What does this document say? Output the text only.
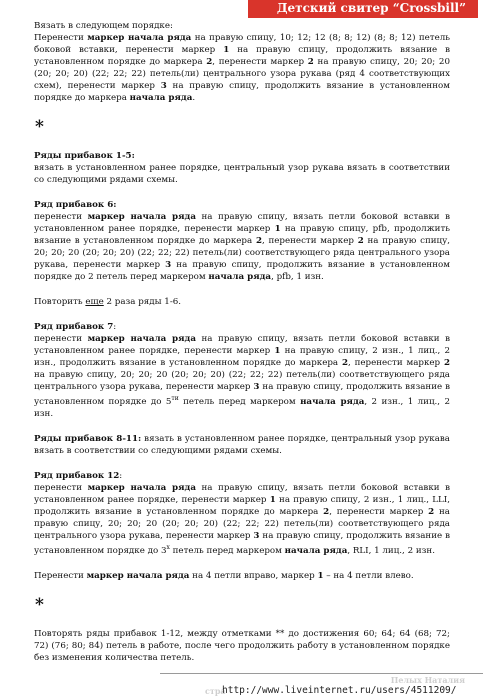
Детский свитер “Crossbill”

Вязать в следующем порядке:

Перенести маркер начала ряда на правую спицу, 10; 12; 12 (8; 8; 12) (8; 8; 12) петель боковой вставки, перенести маркер 1 на правую спицу, продолжить вязание в установленном порядке до маркера 2, перенести маркер 2 на правую спицу, 20; 20; 20 (20; 20; 20) (22; 22; 22) петель(ли) центрального узора рукава (ряд 4 соответствующих схем), перенести маркер 3 на правую спицу, продолжить вязание в установленном порядке до маркера начала ряда.

*

Ряды прибавок 1-5:
вязать в установленном ранее порядке, центральный узор рукава вязать в соответствии со следующими рядами схемы.

Ряд прибавок 6:
перенести маркер начала ряда на правую спицу, вязать петли боковой вставки в установленном ранее порядке, перенести маркер 1 на правую спицу, pfb, продолжить вязание в установленном порядке до маркера 2, перенести маркер 2 на правую спицу, 20; 20; 20 (20; 20; 20) (22; 22; 22) петель(ли) соответствующего ряда центрального узора рукава, перенести маркер 3 на правую спицу, продолжить вязание в установленном порядке до 2 петель перед маркером начала ряда, pfb, 1 изн.

Повторить еще 2 раза ряды 1-6.

Ряд прибавок 7:
перенести маркер начала ряда на правую спицу, вязать петли боковой вставки в установленном ранее порядке, перенести маркер 1 на правую спицу, 2 изн., 1 лиц., 2 изн., продолжить вязание в установленном порядке до маркера 2, перенести маркер 2 на правую спицу, 20; 20; 20 (20; 20; 20) (22; 22; 22) петель(ли) соответствующего ряда центрального узора рукава, перенести маркер 3 на правую спицу, продолжить вязание в установленном порядке до $5^{ти}$ петель перед маркером начала ряда, 2 изн., 1 лиц., 2 изн.

Ряды прибавок 8-11: вязать в установленном ранее порядке, центральный узор рукава вязать в соответствии со следующими рядами схемы.

Ряд прибавок 12:
перенести маркер начала ряда на правую спицу, вязать петли боковой вставки в установленном ранее порядке, перенести маркер 1 на правую спицу, 2 изн., 1 лиц., LLI, продолжить вязание в установленном порядке до маркера 2, перенести маркер 2 на правую спицу, 20; 20; 20 (20; 20; 20) (22; 22; 22) петель(ли) соответствующего ряда центрального узора рукава, перенести маркер 3 на правую спицу, продолжить вязание в установленном порядке до $3^х$ петель перед маркером начала ряда, RLI, 1 лиц., 2 изн.

Перенести маркер начала ряда на 4 петли вправо, маркер 1 – на 4 петли влево.

*

Повторять ряды прибавок 1-12, между отметками ** до достижения 60; 64; 64 (68; 72; 72) (76; 80; 84) петель в работе, после чего продолжить работу в установленном порядке без изменения количества петель.

Пелых Наталия
стра
http://www.liveinternet.ru/users/4511209/
